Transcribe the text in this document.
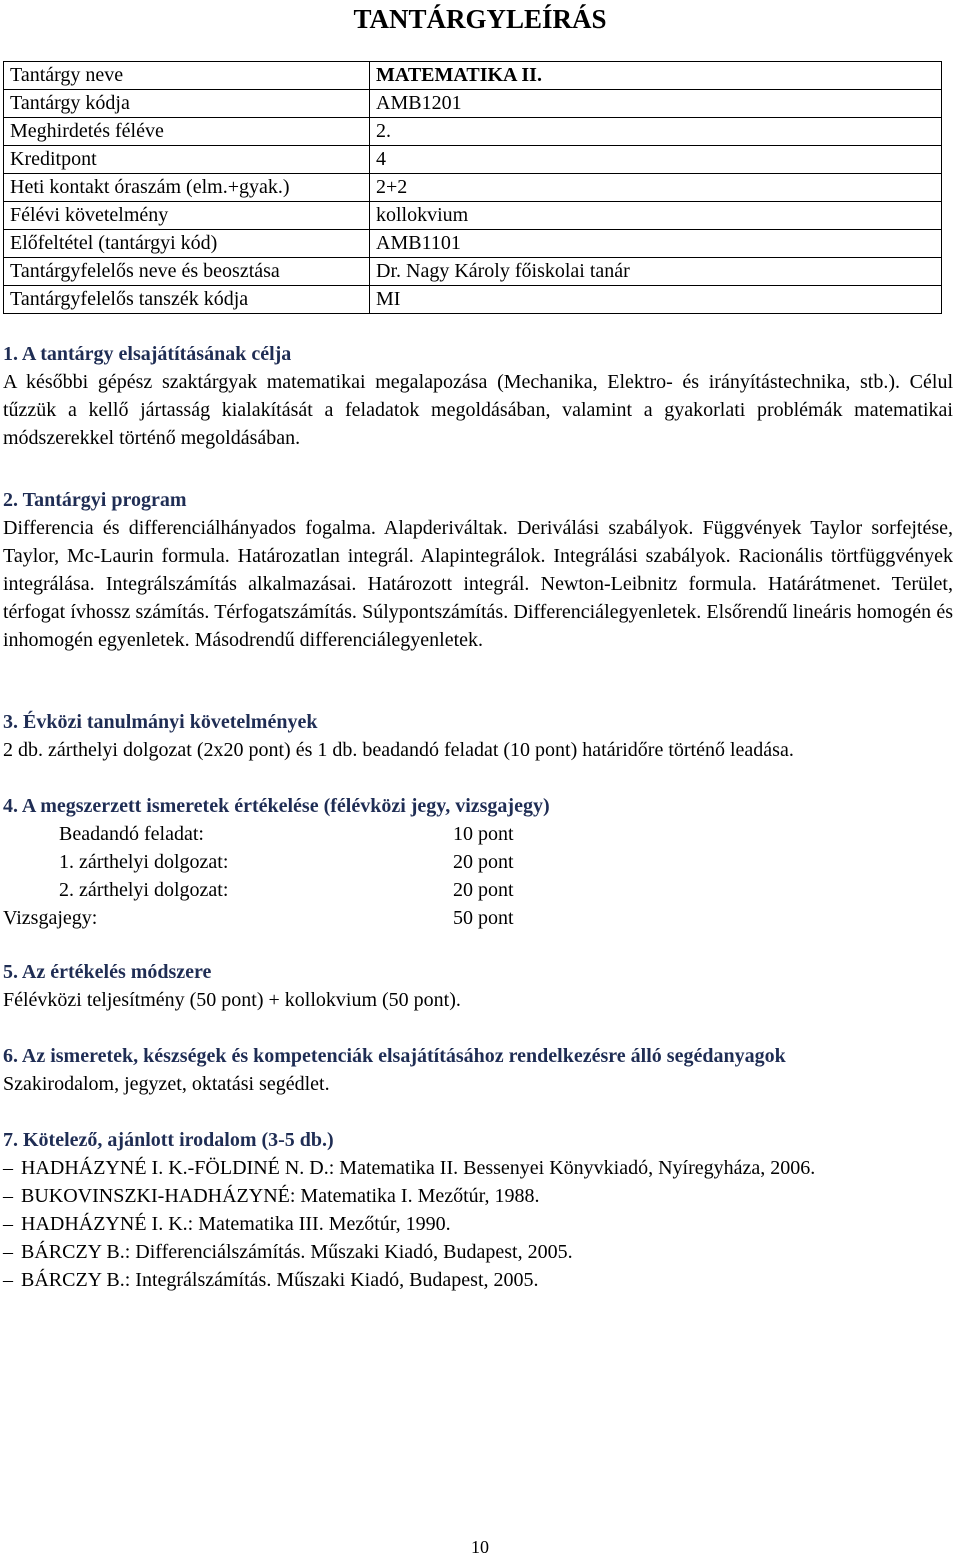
TANTÁRGYLEÍRÁS
Tantárgy neve	MATEMATIKA II.
Tantárgy kódja	AMB1201
Meghirdetés féléve	2.
Kreditpont	4
Heti kontakt óraszám (elm.+gyak.)	2+2
Félévi követelmény	kollokvium
Előfeltétel (tantárgyi kód)	AMB1101
Tantárgyfelelős neve és beosztása	Dr. Nagy Károly főiskolai tanár
Tantárgyfelelős tanszék kódja	MI
1. A tantárgy elsajátításának célja

A későbbi gépész szaktárgyak matematikai megalapozása (Mechanika, Elektro- és irányítástechnika, stb.). Célul tűzzük a kellő jártasság kialakítását a feladatok megoldásában, valamint a gyakorlati problémák matematikai módszerekkel történő megoldásában.

2. Tantárgyi program

Differencia és differenciálhányados fogalma. Alapderiváltak. Deriválási szabályok. Függvények Taylor sorfejtése, Taylor, Mc-Laurin formula. Határozatlan integrál. Alapintegrálok. Integrálási szabályok. Racionális törtfüggvények integrálása. Integrálszámítás alkalmazásai. Határozott integrál. Newton-Leibnitz formula. Határátmenet. Terület, térfogat ívhossz számítás. Térfogatszámítás. Súlypontszámítás. Differenciálegyenletek. Elsőrendű lineáris homogén és inhomogén egyenletek. Másodrendű differenciálegyenletek.

3. Évközi tanulmányi követelmények

2 db. zárthelyi dolgozat (2x20 pont) és 1 db. beadandó feladat (10 pont) határidőre történő leadása.

4. A megszerzett ismeretek értékelése (félévközi jegy, vizsgajegy)
Beadandó feladat:	10 pont
1. zárthelyi dolgozat:	20 pont
2. zárthelyi dolgozat:	20 pont
Vizsgajegy:	50 pont
5. Az értékelés módszere

Félévközi teljesítmény (50 pont) + kollokvium (50 pont).

6. Az ismeretek, készségek és kompetenciák elsajátításához rendelkezésre álló segédanyagok

Szakirodalom, jegyzet, oktatási segédlet.

7. Kötelező, ajánlott irodalom (3-5 db.)
– HADHÁZYNÉ I. K.-FÖLDINÉ N. D.: Matematika II. Bessenyei Könyvkiadó, Nyíregyháza, 2006.
– BUKOVINSZKI-HADHÁZYNÉ: Matematika I. Mezőtúr, 1988.
– HADHÁZYNÉ I. K.: Matematika III. Mezőtúr, 1990.
– BÁRCZY B.: Differenciálszámítás. Műszaki Kiadó, Budapest, 2005.
– BÁRCZY B.: Integrálszámítás. Műszaki Kiadó, Budapest, 2005.
10
